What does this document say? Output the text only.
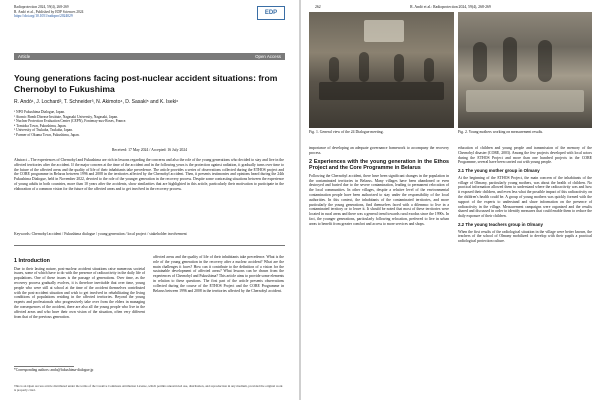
Radioprotection 2024, 59(4), 268-269
R. Andó et al., Published by EDP Sciences 2024
https://doi.org/10.1051/radopro/2024029
EDP
Article	Open Access
Young generations facing post-nuclear accident situations: from Chernobyl to Fukushima
R. Andó¹, J. Lochard², T. Schneider³, N. Akimoto⁴, D. Sasaki⁵ and K. Iseki⁶
¹ NPO Fukushima Dialogue, Japan.
² Atomic Bomb Disease Institute, Nagasaki University, Nagasaki, Japan.
³ Nuclear Protection Evaluation Center (CEPN), Fontenay-aux-Roses, France.
⁴ Tomioka Town, Fukushima, Japan.
⁵ University of Tsukuba, Tsukuba, Japan.
⁶ Farmer of Okuma Town, Fukushima, Japan.
Received: 17 May 2024 / Accepted: 16 July 2024
Abstract – The experiences of Chernobyl and Fukushima are rich in lessons regarding the concerns and also the role of the young generations who decided to stay and live in the affected territories after the accident. If the major concern at the time of the accident and in the following years is the protection against radiation, it gradually turns over time to the future of the affected areas and the quality of life of their inhabitants take precedence. The article provides a series of observations collected during the ETHOS project and the CORE programme in Belarus between 1996 and 2008 in the territories affected by the Chernobyl accident. Then, it presents testimonies and opinions heard during the 24th Fukushima Dialogue, held in November 2022, devoted to the role of the younger generation in the recovery process. Despite some contrasting situations between the experience of young adults in both countries, more than 10 years after the accidents, show similarities that are highlighted in this article, particularly their motivation to participate in the elaboration of a common vision for the future of the affected areas and to get involved in the recovery process.
Keywords: Chernobyl accident / Fukushima dialogue / young generation / local project / stakeholder involvement
1 Introduction

Due to their lasting nature, post-nuclear accident situations raise numerous societal issues, some of which have to do with the presence of radioactivity in the daily life of populations. One of these issues is the passage of generations. Over time, as the recovery process gradually evolves, it is therefore inevitable that over time, young people who were still at school at the time of the accident themselves contributed with the post-accident situation and wish to get involved in rehabilitating the living conditions of populations residing in the affected territories. Beyond the young experts and professionals who progressively take over from the elders in managing the consequences of the accident, there are also all the young people who live in the affected areas and who have their own vision of the situation, often very different from that of the previous generation.

affected areas and the quality of life of their inhabitants take precedence. What is the role of the young generation in the recovery after a nuclear accident? What are the main challenges it faces? How can it contribute to the definition of a vision for the sustainable development of affected areas? What lessons can be drawn from the experiences of Chernobyl and Fukushima? This article aims to provide some elements in relation to these questions. The first part of the article presents observations collected during the course of the ETHOS Project and the CORE Programme in Belarus between 1996 and 2008 in the territories affected by the Chernobyl accident.

*Corresponding authors: ando@fukushima-dialogue.jp
This is an Open Access article distributed under the terms of the Creative Commons Attribution License, which permits unrestricted use, distribution, and reproduction in any medium, provided the original work is properly cited.
262	R. Andó et al.: Radioprotection 2024, 59(4), 268-269
Fig. 1. General view of the 24 Dialogue meeting.	Fig. 2. Young mothers working on measurement results.

importance of developing an adequate governance framework to accompany the recovery process.

2 Experiences with the young generation in the Ethos Project and the Core Programme in Belarus

Following the Chernobyl accident, there have been significant changes in the population in the contaminated territories in Belarus. Many villages have been abandoned or even destroyed and buried due to the severe contamination, leading to permanent relocation of the local communities. In other villages, despite a relative level of the environmental contamination people have been authorized to stay under the responsibility of the local authorities. In this context, the inhabitants of the contaminated territories, and more particularly the young generations, find themselves faced with a dilemma: to live in a contaminated territory or to leave it. It should be noted that most of these territories were located in rural areas and there was a general trend towards rural exodus since the 1990s. In fact, the younger generations, particularly following relocation, preferred to live in urban areas to benefit from greater comfort and access to more services and shops.

education of children and young people and transmission of the memory of the Chernobyl disaster (CORE, 2003). Among the few projects developed with local actors during the ETHOS Project and more than one hundred projects in the CORE Programme, several have been carried out with young people.

2.1 The young mother group in Olmany

At the beginning of the ETHOS Project, the main concern of the inhabitants of the village of Olmany, particularly young mothers, was about the health of children. No practical information allowed them to understand where the radioactivity was and how it exposed their children, and even less what the possible impact of this radioactivity on the children's health could be. A group of young mothers was quickly formed with the support of the experts to understand and share information on the presence of radioactivity in the village. Measurement campaigns were organized and the results shared and discussed in order to identify measures that could enable them to reduce the daily exposure of their children.

2.2 The young teachers group in Olmany

When the first results of the radiological situation in the village were better known, the teachers of the school of Olmany mobilized to develop with their pupils a practical radiological protection culture.
